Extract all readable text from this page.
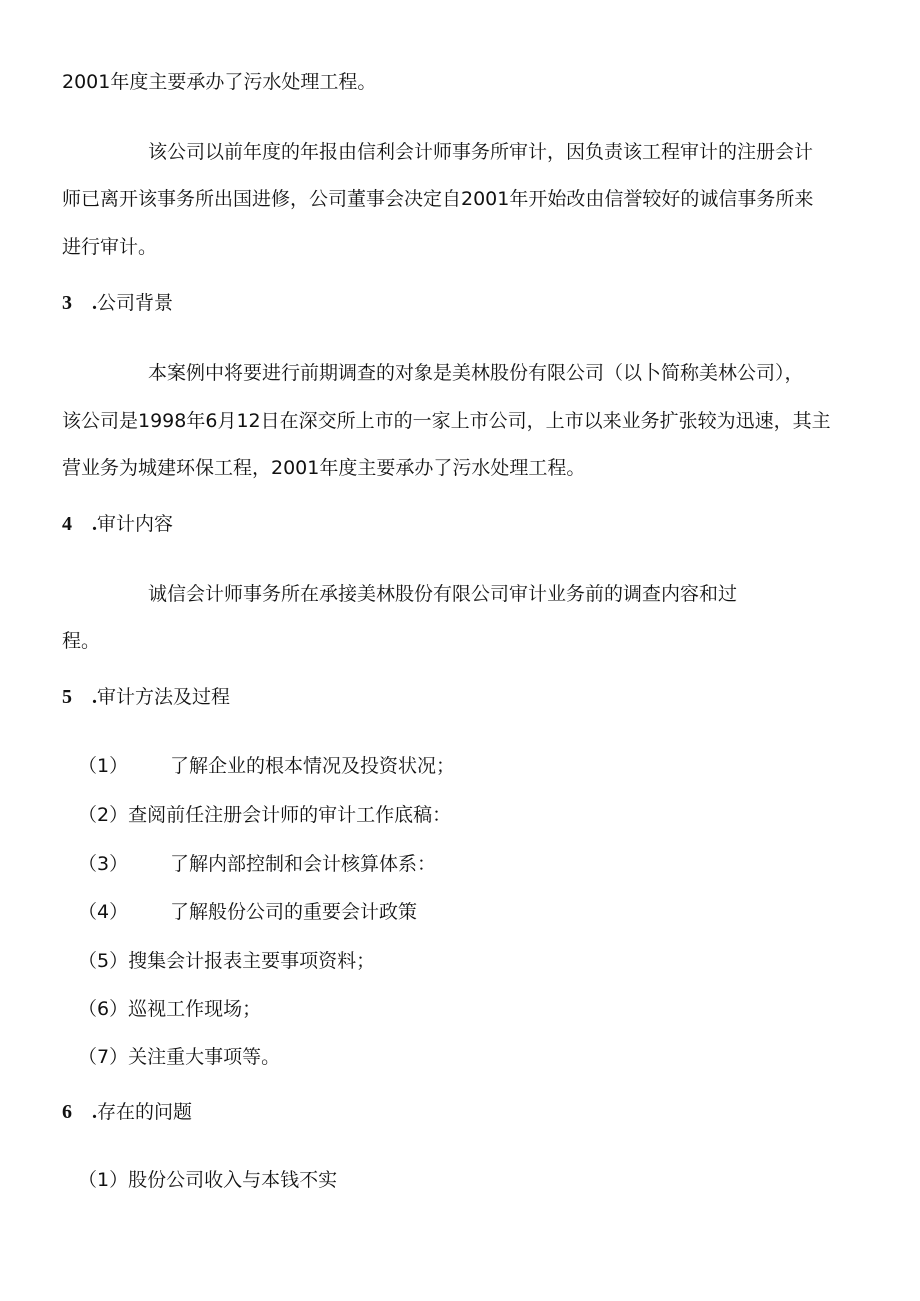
2001年度主要承办了污水处理工程。
该公司以前年度的年报由信利会计师事务所审计，因负责该工程审计的注册会计
师已离开该事务所出国进修，公司董事会决定自2001年开始改由信誉较好的诚信事务所来
进行审计。
3 .公司背景
本案例中将要进行前期调查的对象是美林股份有限公司（以卜简称美林公司），
该公司是1998年6月12日在深交所上市的一家上市公司，上市以来业务扩张较为迅速，其主
营业务为城建环保工程，2001年度主要承办了污水处理工程。
4 .审计内容
诚信会计师事务所在承接美林股份有限公司审计业务前的调查内容和过
程。
5 .审计方法及过程
（1） 了解企业的根本情况及投资状况；
（2）查阅前任注册会计师的审计工作底稿：
（3） 了解内部控制和会计核算体系：
（4） 了解般份公司的重要会计政策
（5）搜集会计报表主要事项资料；
（6）巡视工作现场；
（7）关注重大事项等。
6 .存在的问题
（1）股份公司收入与本钱不实
